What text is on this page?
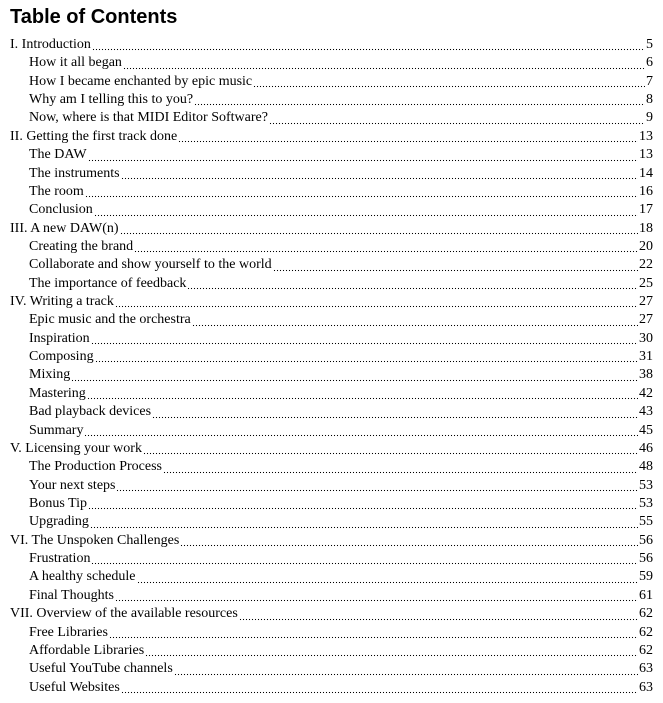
Table of Contents
I. Introduction	5
How it all began	6
How I became enchanted by epic music	7
Why am I telling this to you?	8
Now, where is that MIDI Editor Software?	9
II. Getting the first track done	13
The DAW	13
The instruments	14
The room	16
Conclusion	17
III. A new DAW(n)	18
Creating the brand	20
Collaborate and show yourself to the world	22
The importance of feedback	25
IV. Writing a track	27
Epic music and the orchestra	27
Inspiration	30
Composing	31
Mixing	38
Mastering	42
Bad playback devices	43
Summary	45
V. Licensing your work	46
The Production Process	48
Your next steps	53
Bonus Tip	53
Upgrading	55
VI. The Unspoken Challenges	56
Frustration	56
A healthy schedule	59
Final Thoughts	61
VII. Overview of the available resources	62
Free Libraries	62
Affordable Libraries	62
Useful YouTube channels	63
Useful Websites	63
